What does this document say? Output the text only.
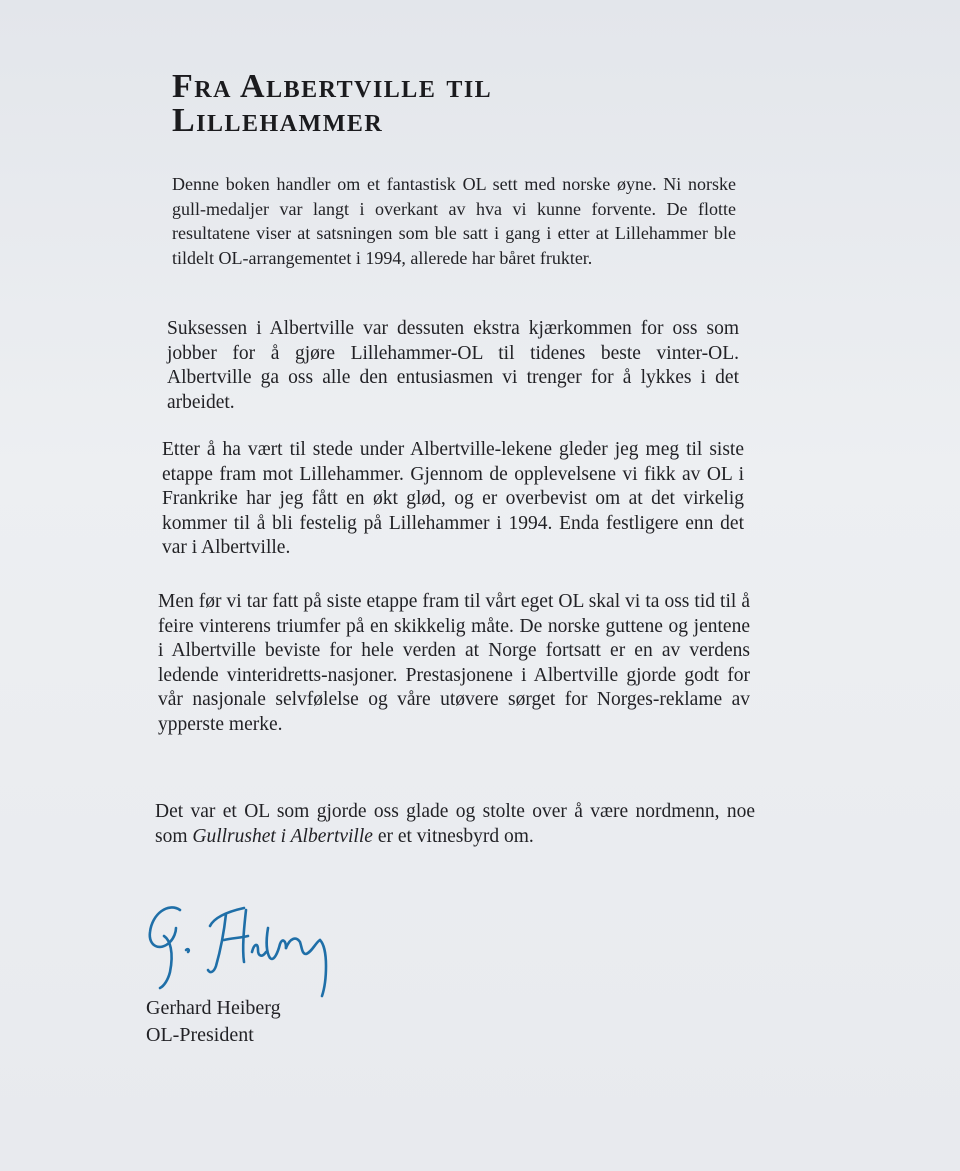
Fra Albertville til
Lillehammer

Denne boken handler om et fantastisk OL sett med norske øyne. Ni norske gull-medaljer var langt i overkant av hva vi kunne forvente. De flotte resultatene viser at satsningen som ble satt i gang i etter at Lillehammer ble tildelt OL-arrangementet i 1994, allerede har båret frukter.

Suksessen i Albertville var dessuten ekstra kjærkommen for oss som jobber for å gjøre Lillehammer-OL til tidenes beste vinter-OL. Albertville ga oss alle den entusiasmen vi trenger for å lykkes i det arbeidet.

Etter å ha vært til stede under Albertville-lekene gleder jeg meg til siste etappe fram mot Lillehammer. Gjennom de opplevelsene vi fikk av OL i Frankrike har jeg fått en økt glød, og er overbevist om at det virkelig kommer til å bli festelig på Lillehammer i 1994. Enda festligere enn det var i Albertville.

Men før vi tar fatt på siste etappe fram til vårt eget OL skal vi ta oss tid til å feire vinterens triumfer på en skikkelig måte. De norske guttene og jentene i Albertville beviste for hele verden at Norge fortsatt er en av verdens ledende vinteridretts-nasjoner. Prestasjonene i Albertville gjorde godt for vår nasjonale selvfølelse og våre utøvere sørget for Norges-reklame av ypperste merke.

Det var et OL som gjorde oss glade og stolte over å være nordmenn, noe som Gullrushet i Albertville er et vitnesbyrd om.

Gerhard Heiberg

OL-President
